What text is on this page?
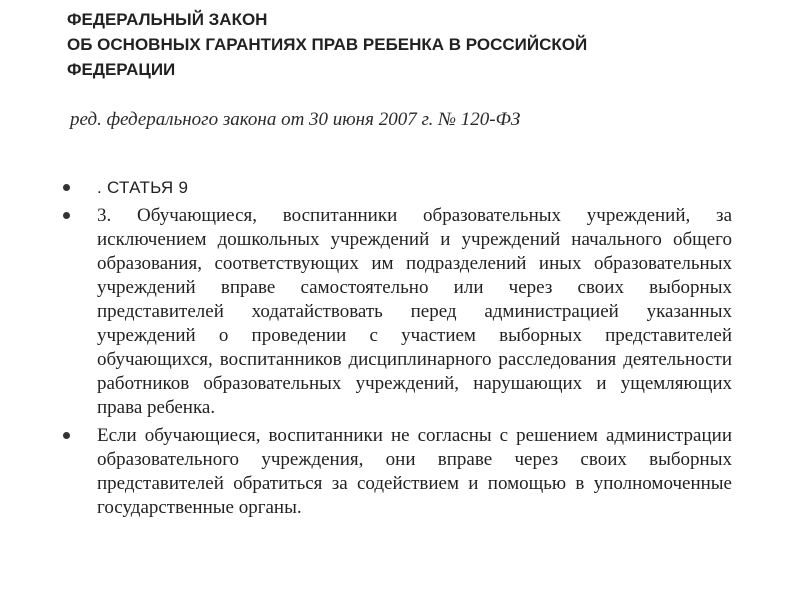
ФЕДЕРАЛЬНЫЙ ЗАКОН
ОБ ОСНОВНЫХ ГАРАНТИЯХ ПРАВ РЕБЕНКА В РОССИЙСКОЙ
ФЕДЕРАЦИИ
ред. федерального закона от 30 июня 2007 г. № 120-ФЗ
. СТАТЬЯ 9
3. Обучающиеся, воспитанники образовательных учреждений, за исключением дошкольных учреждений и учреждений начального общего образования, соответствующих им подразделений иных образовательных учреждений вправе самостоятельно или через своих выборных представителей ходатайствовать перед администрацией указанных учреждений о проведении с участием выборных представителей обучающихся, воспитанников дисциплинарного расследования деятельности работников образовательных учреждений, нарушающих и ущемляющих права ребенка.
Если обучающиеся, воспитанники не согласны с решением администрации образовательного учреждения, они вправе через своих выборных представителей обратиться за содействием и помощью в уполномоченные государственные органы.
